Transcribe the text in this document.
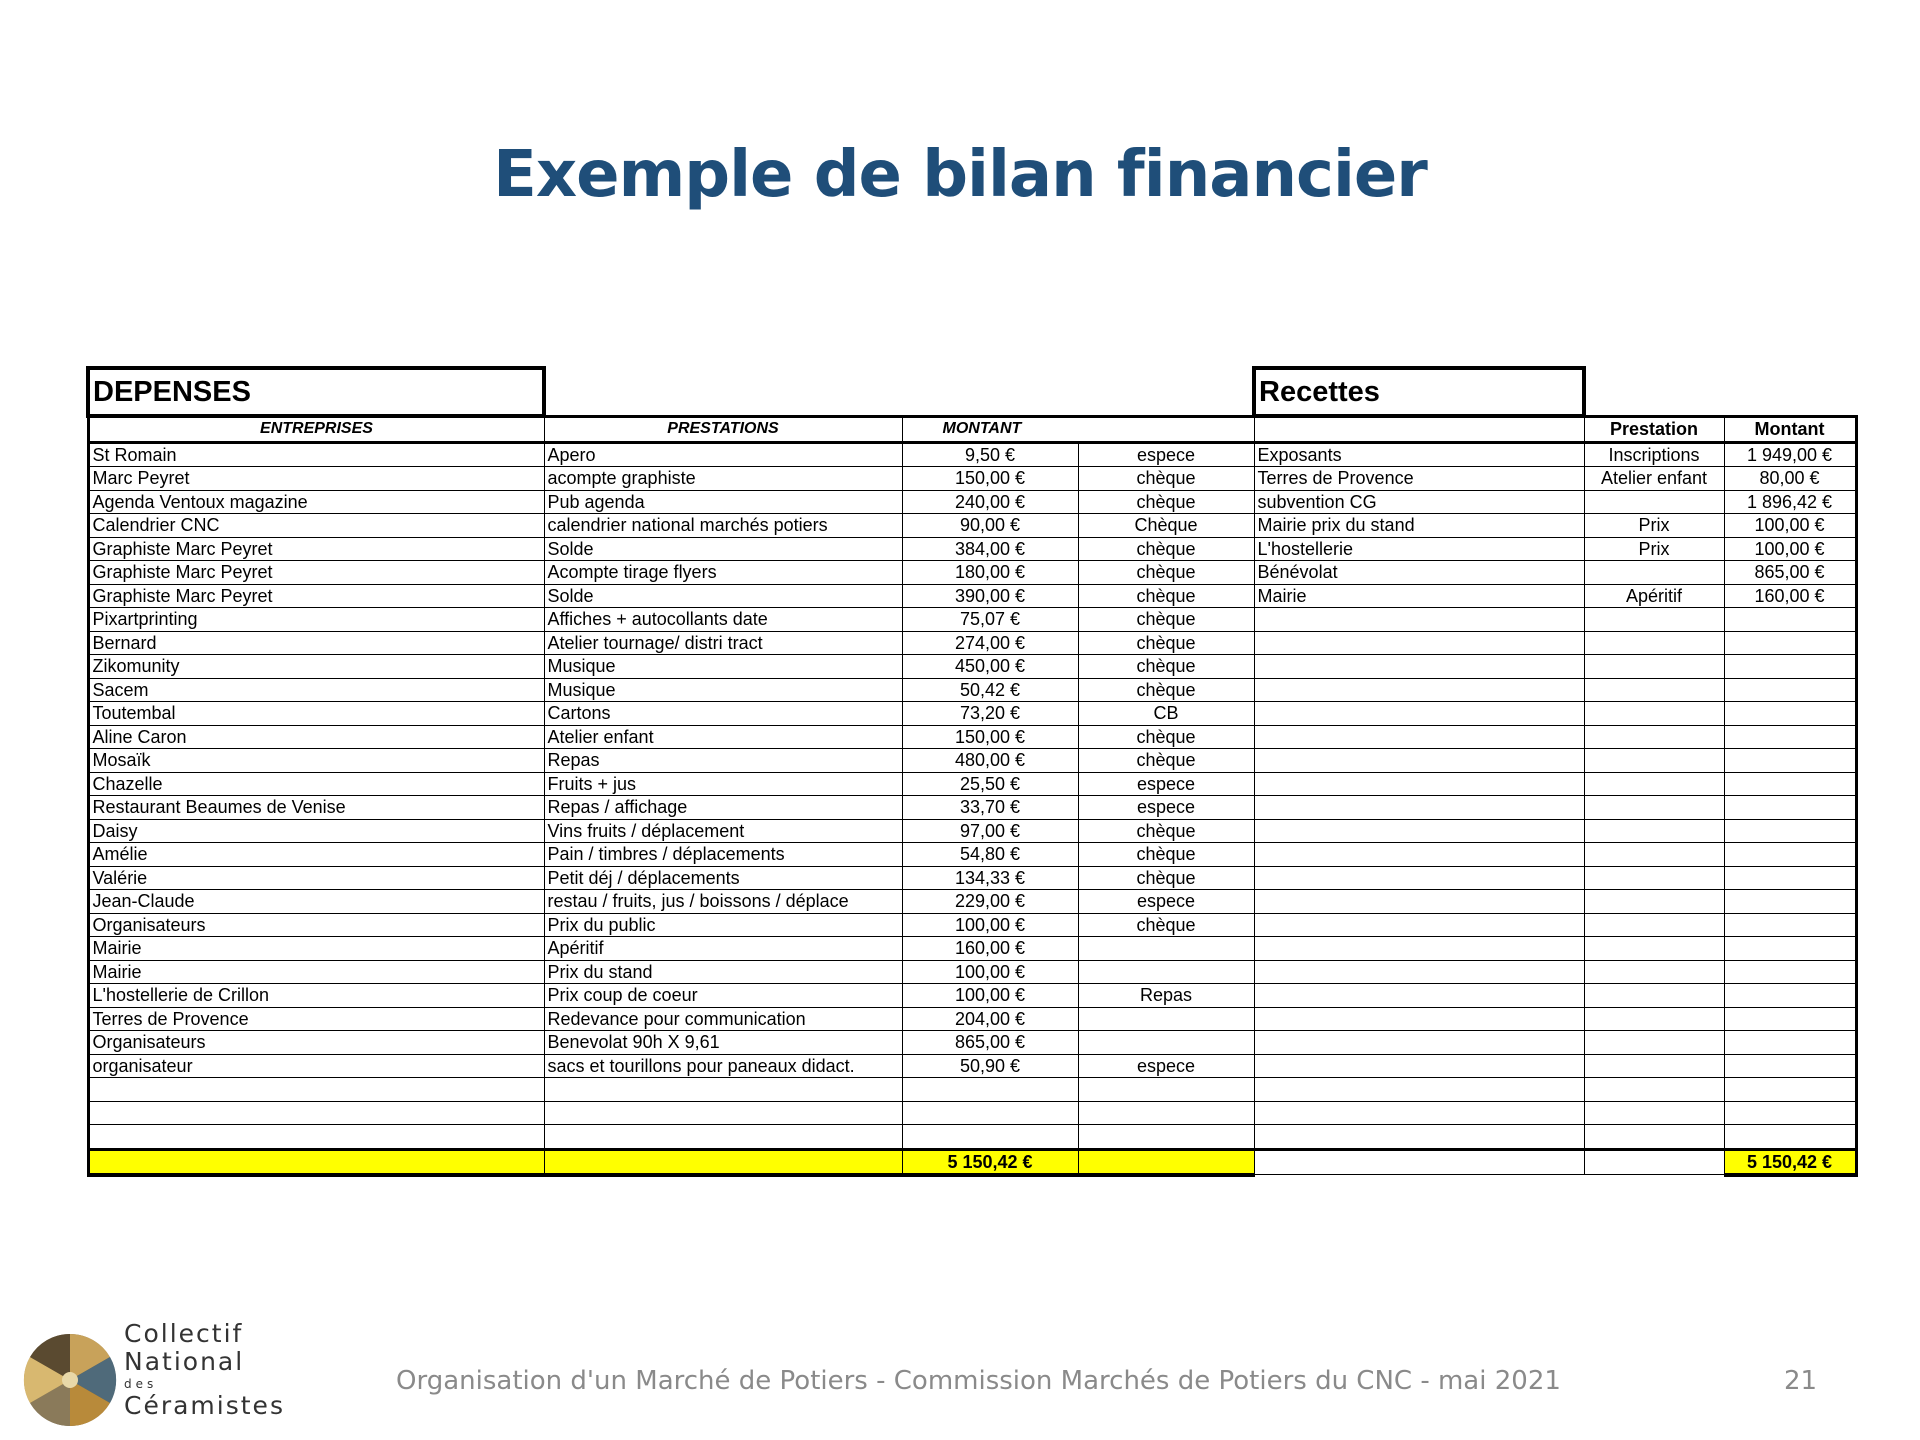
Exemple de bilan financier
DEPENSES				Recettes		
ENTREPRISES	PRESTATIONS	MONTANT			Prestation	Montant
St Romain	Apero	9,50 €	espece	Exposants	Inscriptions	1 949,00 €
Marc Peyret	acompte graphiste	150,00 €	chèque	Terres de Provence	Atelier enfant	80,00 €
Agenda Ventoux magazine	Pub agenda	240,00 €	chèque	subvention CG		1 896,42 €
Calendrier CNC	calendrier national marchés potiers	90,00 €	Chèque	Mairie prix du stand	Prix	100,00 €
Graphiste Marc Peyret	Solde	384,00 €	chèque	L'hostellerie	Prix	100,00 €
Graphiste Marc Peyret	Acompte tirage flyers	180,00 €	chèque	Bénévolat		865,00 €
Graphiste Marc Peyret	Solde	390,00 €	chèque	Mairie	Apéritif	160,00 €
Pixartprinting	Affiches + autocollants date	75,07 €	chèque			
Bernard	Atelier tournage/ distri tract	274,00 €	chèque			
Zikomunity	Musique	450,00 €	chèque			
Sacem	Musique	50,42 €	chèque			
Toutembal	Cartons	73,20 €	CB			
Aline Caron	Atelier enfant	150,00 €	chèque			
Mosaïk	Repas	480,00 €	chèque			
Chazelle	Fruits + jus	25,50 €	espece			
Restaurant Beaumes de Venise	Repas / affichage	33,70 €	espece			
Daisy	Vins fruits / déplacement	97,00 €	chèque			
Amélie	Pain / timbres / déplacements	54,80 €	chèque			
Valérie	Petit déj / déplacements	134,33 €	chèque			
Jean-Claude	restau / fruits, jus / boissons / déplace	229,00 €	espece			
Organisateurs	Prix du public	100,00 €	chèque			
Mairie	Apéritif	160,00 €				
Mairie	Prix du stand	100,00 €				
L'hostellerie de Crillon	Prix coup de coeur	100,00 €	Repas			
Terres de Provence	Redevance pour communication	204,00 €				
Organisateurs	Benevolat 90h X 9,61	865,00 €				
organisateur	sacs et tourillons pour paneaux didact.	50,90 €	espece			

		5 150,42 €				5 150,42 €
Collectif
National
des
Céramistes
Organisation d'un Marché de Potiers - Commission Marchés de Potiers du CNC - mai 2021	21
